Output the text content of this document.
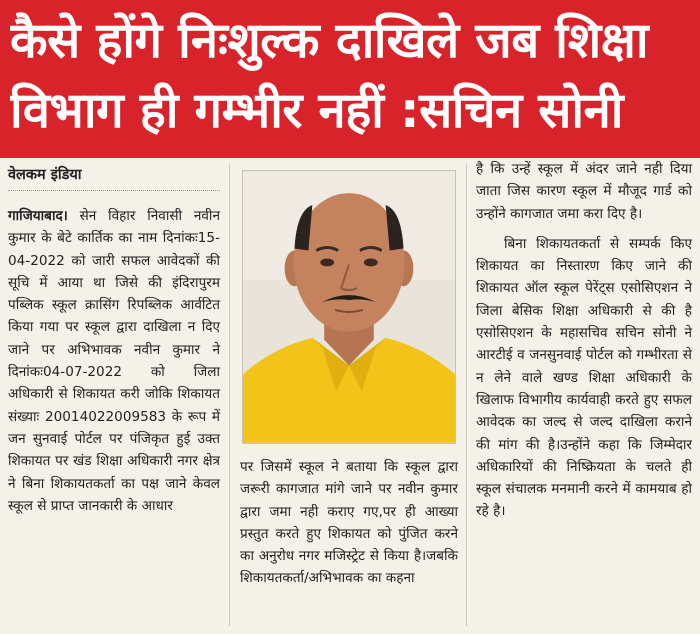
कैसे होंगे निःशुल्क दाखिले जब शिक्षा
विभाग ही गम्भीर नहीं :सचिन सोनी
वेलकम इंडिया

गाजियाबाद। सेन विहार निवासी नवीन कुमार के बेटे कार्तिक का नाम दिनांकः15-04-2022 को जारी सफल आवेदकों की सूचि में आया था जिसे की इंदिरापुरम पब्लिक स्कूल क्रासिंग रिपब्लिक आर्वटित किया गया पर स्कूल द्वारा दाखिला न दिए जाने पर अभिभावक नवीन कुमार ने दिनांकः04-07-2022 को जिला अधिकारी से शिकायत करी जोकि शिकायत संख्याः 20014022009583 के रूप में जन सुनवाई पोर्टल पर पंजिकृत हुई उक्त शिकायत पर खंड शिक्षा अधिकारी नगर क्षेत्र ने बिना शिकायतकर्ता का पक्ष जाने केवल स्कूल से प्राप्त जानकारी के आधार

पर जिसमें स्कूल ने बताया कि स्कूल द्वारा जरूरी कागजात मांगे जाने पर नवीन कुमार द्वारा जमा नही कराए गए,पर ही आख्या प्रस्तुत करते हुए शिकायत को पुंजित करने का अनुरोध नगर मजिस्ट्रेट से किया है।जबकि शिकायतकर्ता/अभिभावक का कहना

है कि उन्हें स्कूल में अंदर जाने नही दिया जाता जिस कारण स्कूल में मौजूद गार्ड को उन्होंने कागजात जमा करा दिए है।

बिना शिकायतकर्ता से सम्पर्क किए शिकायत का निस्तारण किए जाने की शिकायत ऑल स्कूल पेरेंट्स एसोसिएशन ने जिला बेसिक शिक्षा अधिकारी से की है एसोसिएशन के महासचिव सचिन सोनी ने आरटीई व जनसुनवाई पोर्टल को गम्भीरता से न लेने वाले खण्ड शिक्षा अधिकारी के खिलाफ विभागीय कार्यवाही करते हुए सफल आवेदक का जल्द से जल्द दाखिला कराने की मांग की है।उन्होंने कहा कि जिम्मेदार अधिकारियों की निष्क्रियता के चलते ही स्कूल संचालक मनमानी करने में कामयाब हो रहे है।
